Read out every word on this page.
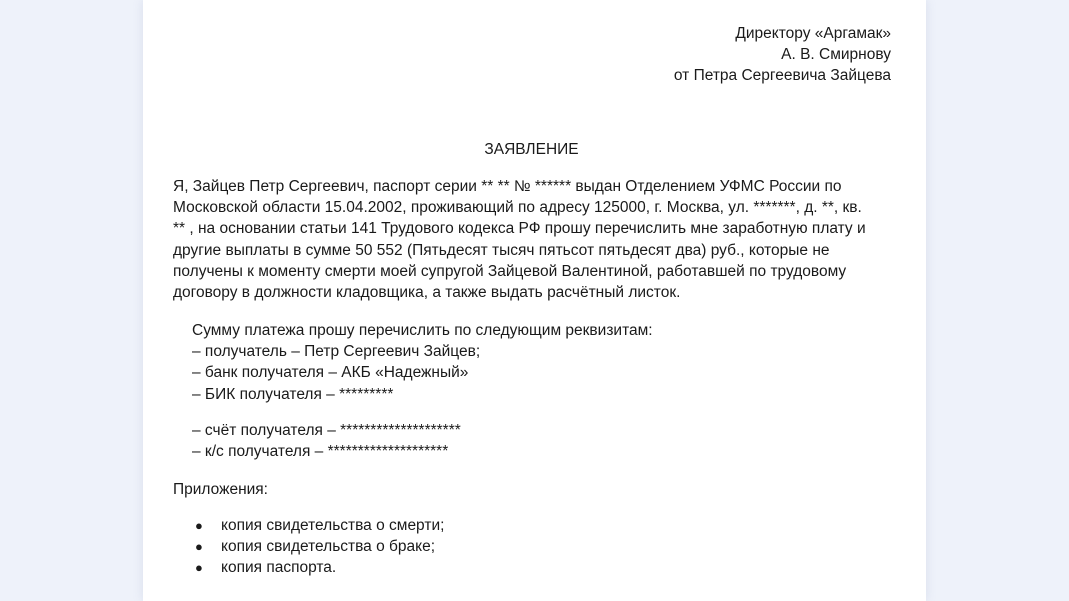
Директору «Аргамак»
А. В. Смирнову
от Петра Сергеевича Зайцева
ЗАЯВЛЕНИЕ
Я, Зайцев Петр Сергеевич, паспорт серии ** ** № ****** выдан Отделением УФМС России по
Московской области 15.04.2002, проживающий по адресу 125000, г. Москва, ул. *******, д. **, кв.
** , на основании статьи 141 Трудового кодекса РФ прошу перечислить мне заработную плату и
другие выплаты в сумме 50 552 (Пятьдесят тысяч пятьсот пятьдесят два) руб., которые не
получены к моменту смерти моей супругой Зайцевой Валентиной, работавшей по трудовому
договору в должности кладовщика, а также выдать расчётный листок.
Сумму платежа прошу перечислить по следующим реквизитам:
– получатель – Петр Сергеевич Зайцев;
– банк получателя – АКБ «Надежный»
– БИК получателя – *********
– счёт получателя – ********************
– к/с получателя – ********************
Приложения:
● копия свидетельства о смерти;
● копия свидетельства о браке;
● копия паспорта.
